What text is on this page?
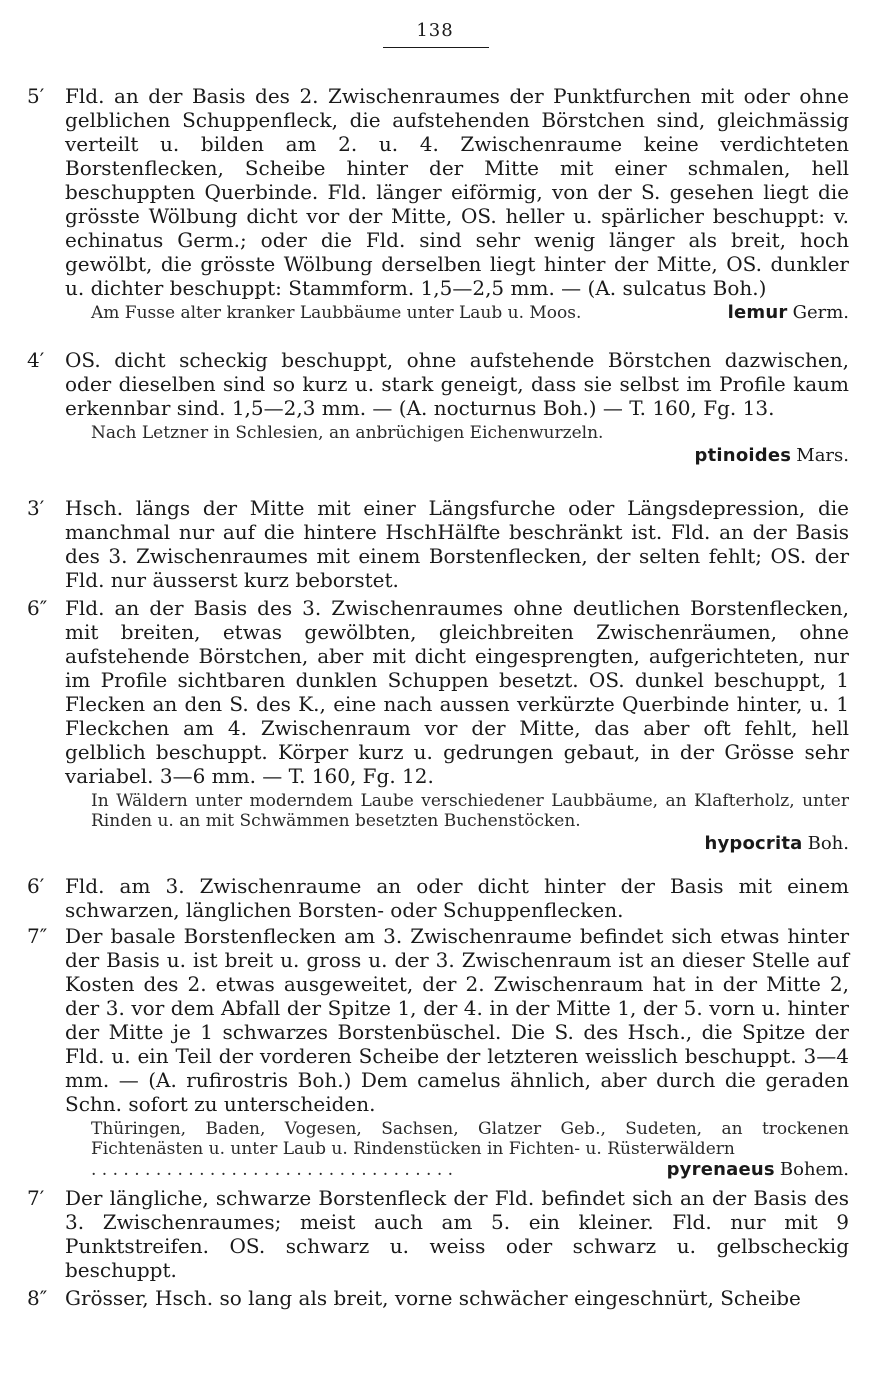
138
5′	Fld. an der Basis des 2. Zwischenraumes der Punktfurchen mit oder ohne gelblichen Schuppenfleck, die aufstehenden Börstchen sind, gleichmässig verteilt u. bilden am 2. u. 4. Zwischenraume keine verdichteten Borstenflecken, Scheibe hinter der Mitte mit einer schmalen, hell beschuppten Querbinde. Fld. länger eiförmig, von der S. gesehen liegt die grösste Wölbung dicht vor der Mitte, OS. heller u. spärlicher beschuppt: v. echinatus Germ.; oder die Fld. sind sehr wenig länger als breit, hoch gewölbt, die grösste Wölbung derselben liegt hinter der Mitte, OS. dunkler u. dichter beschuppt: Stammform. 1,5—2,5 mm. — (A. sulcatus Boh.)

Am Fusse alter kranker Laubbäume unter Laub u. Moos.	lemur
Germ.
4′	OS. dicht scheckig beschuppt, ohne aufstehende Börstchen dazwischen, oder dieselben sind so kurz u. stark geneigt, dass sie selbst im Profile kaum erkennbar sind. 1,5—2,3 mm. — (A. nocturnus Boh.) — T. 160, Fg. 13.

Nach Letzner in Schlesien, an anbrüchigen Eichenwurzeln.

ptinoides Mars.
3′	Hsch. längs der Mitte mit einer Längsfurche oder Längsdepression, die manchmal nur auf die hintere HschHälfte beschränkt ist. Fld. an der Basis des 3. Zwischenraumes mit einem Borstenflecken, der selten fehlt; OS. der Fld. nur äusserst kurz beborstet.

6″ Fld. an der Basis des 3. Zwischenraumes ohne deutlichen Borstenflecken, mit breiten, etwas gewölbten, gleichbreiten Zwischenräumen, ohne aufstehende Börstchen, aber mit dicht eingesprengten, aufgerichteten, nur im Profile sichtbaren dunklen Schuppen besetzt. OS. dunkel beschuppt, 1 Flecken an den S. des K., eine nach aussen verkürzte Querbinde hinter, u. 1 Fleckchen am 4. Zwischenraum vor der Mitte, das aber oft fehlt, hell gelblich beschuppt. Körper kurz u. gedrungen gebaut, in der Grösse sehr variabel. 3—6 mm. — T. 160, Fg. 12.

In Wäldern unter moderndem Laube verschiedener Laubbäume, an Klafterholz, unter Rinden u. an mit Schwämmen besetzten Buchenstöcken.

hypocrita Boh.
6′	Fld. am 3. Zwischenraume an oder dicht hinter der Basis mit einem schwarzen, länglichen Borsten- oder Schuppenflecken.

7″ Der basale Borstenflecken am 3. Zwischenraume befindet sich etwas hinter der Basis u. ist breit u. gross u. der 3. Zwischenraum ist an dieser Stelle auf Kosten des 2. etwas ausgeweitet, der 2. Zwischenraum hat in der Mitte 2, der 3. vor dem Abfall der Spitze 1, der 4. in der Mitte 1, der 5. vorn u. hinter der Mitte je 1 schwarzes Borstenbüschel. Die S. des Hsch., die Spitze der Fld. u. ein Teil der vorderen Scheibe der letzteren weisslich beschuppt. 3—4 mm. — (A. rufirostris Boh.) Dem camelus ähnlich, aber durch die geraden Schn. sofort zu unterscheiden.

Thüringen, Baden, Vogesen, Sachsen, Glatzer Geb., Sudeten, an trockenen Fichtenästen u. unter Laub u. Rindenstücken in Fichten- u. Rüsterwäldern
. . . . . . . . . . . . . . . . . . . . . . . . . . . . . . . . . .	pyrenaeus
Bohem.
7′	Der längliche, schwarze Borstenfleck der Fld. befindet sich an der Basis des 3. Zwischenraumes; meist auch am 5. ein kleiner. Fld. nur mit 9 Punktstreifen. OS. schwarz u. weiss oder schwarz u. gelbscheckig beschuppt.

8″ Grösser, Hsch. so lang als breit, vorne schwächer eingeschnürt, Scheibe
